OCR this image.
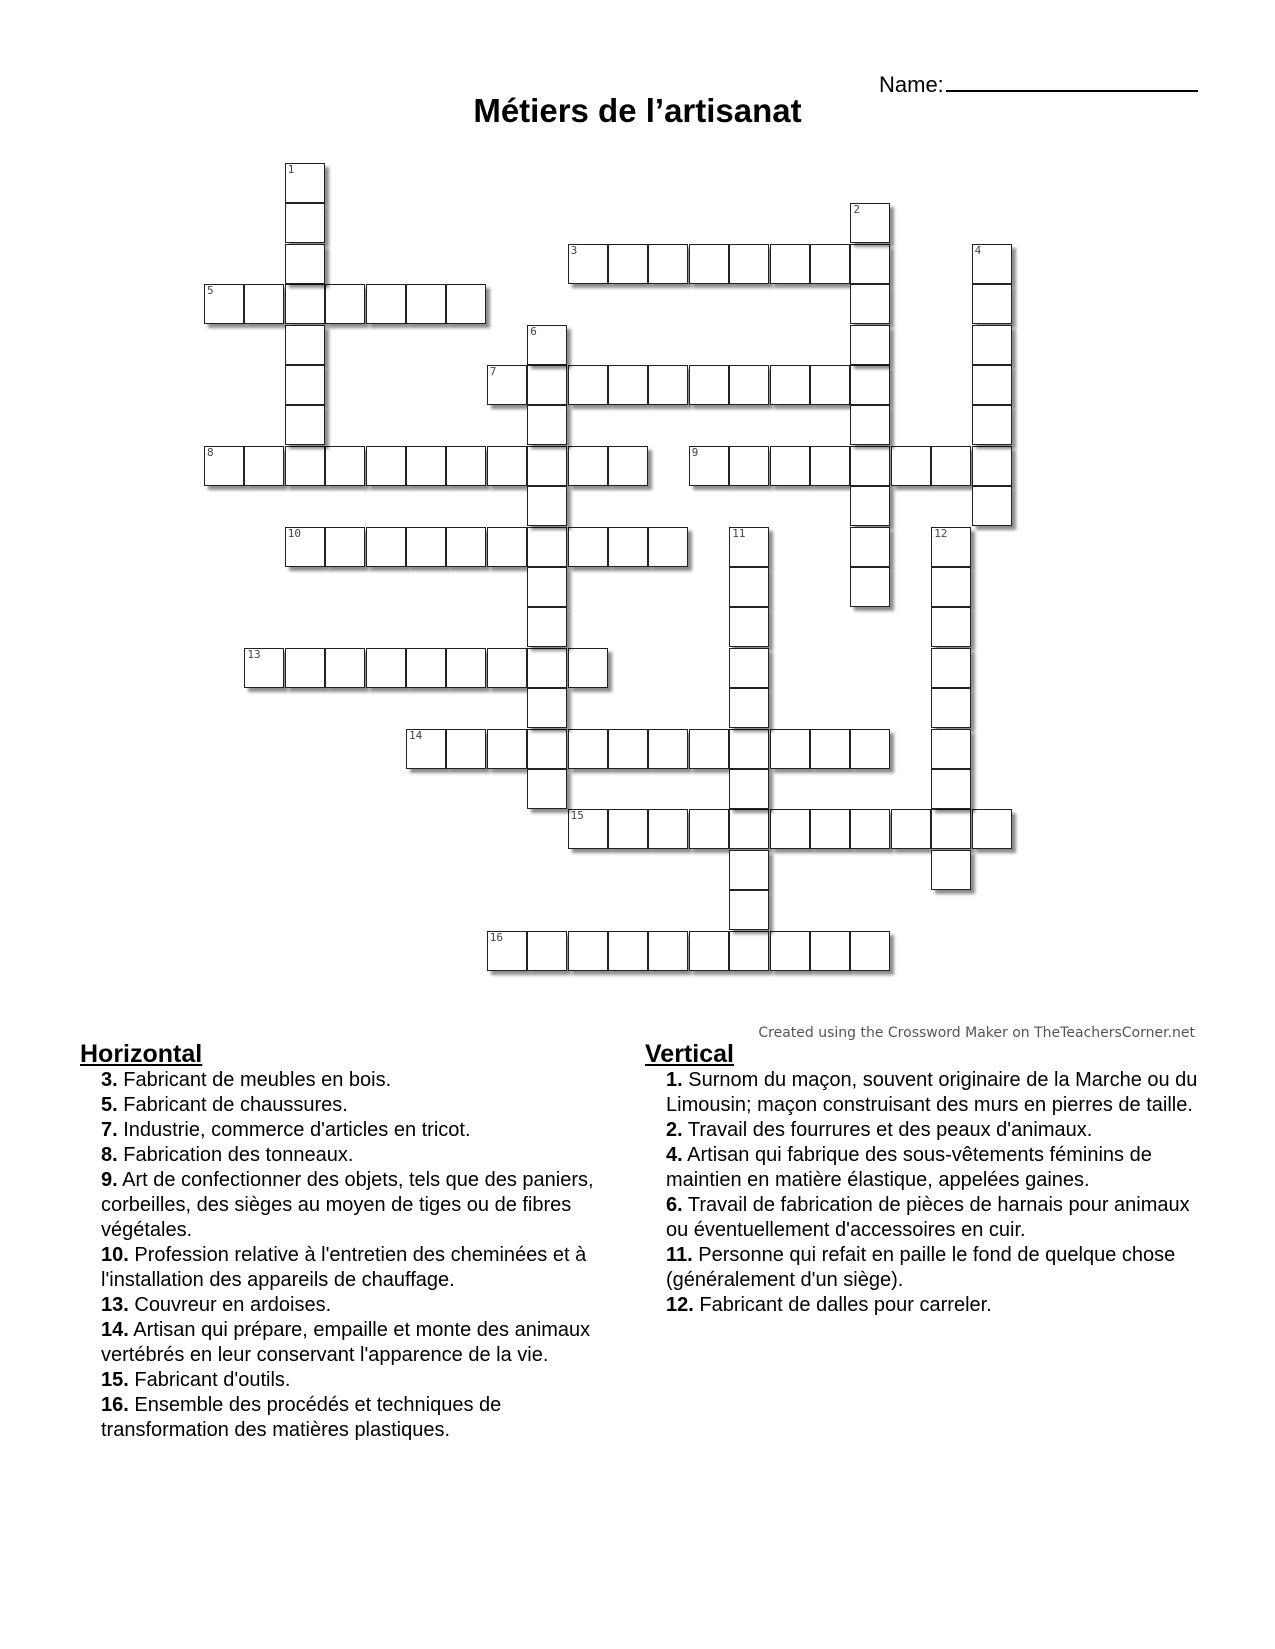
Name:
Métiers de l’artisanat
3
5
7
8	9
10
13
14
15
16
1
2
4
6
11	12
Created using the Crossword Maker on TheTeachersCorner.net
Horizontal
3. Fabricant de meubles en bois.
5. Fabricant de chaussures.
7. Industrie, commerce d'articles en tricot.
8. Fabrication des tonneaux.
9. Art de confectionner des objets, tels que des paniers, corbeilles, des sièges au moyen de tiges ou de fibres végétales.
10. Profession relative à l'entretien des cheminées et à l'installation des appareils de chauffage.
13. Couvreur en ardoises.
14. Artisan qui prépare, empaille et monte des animaux vertébrés en leur conservant l'apparence de la vie.
15. Fabricant d'outils.
16. Ensemble des procédés et techniques de transformation des matières plastiques.
Vertical
1. Surnom du maçon, souvent originaire de la Marche ou du Limousin; maçon construisant des murs en pierres de taille.
2. Travail des fourrures et des peaux d'animaux.
4. Artisan qui fabrique des sous-vêtements féminins de maintien en matière élastique, appelées gaines.
6. Travail de fabrication de pièces de harnais pour animaux ou éventuellement d'accessoires en cuir.
11. Personne qui refait en paille le fond de quelque chose (généralement d'un siège).
12. Fabricant de dalles pour carreler.
